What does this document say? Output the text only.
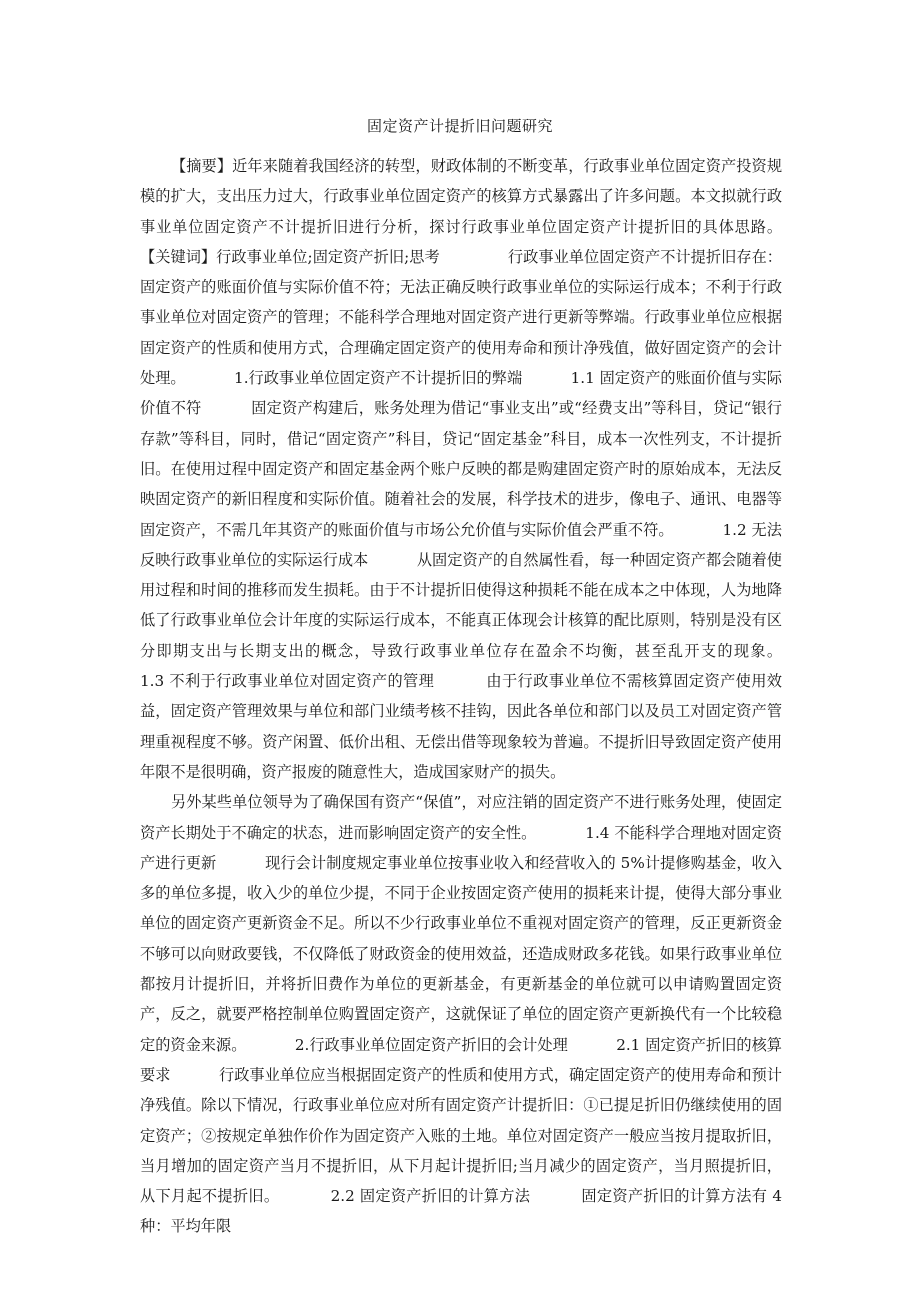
固定资产计提折旧问题研究

【摘要】近年来随着我国经济的转型，财政体制的不断变革，行政事业单位固定资产投资规模的扩大，支出压力过大，行政事业单位固定资产的核算方式暴露出了许多问题。本文拟就行政事业单位固定资产不计提折旧进行分析，探讨行政事业单位固定资产计提折旧的具体思路。        【关键词】行政事业单位;固定资产折旧;思考              行政事业单位固定资产不计提折旧存在：固定资产的账面价值与实际价值不符；无法正确反映行政事业单位的实际运行成本；不利于行政事业单位对固定资产的管理；不能科学合理地对固定资产进行更新等弊端。行政事业单位应根据固定资产的性质和使用方式，合理确定固定资产的使用寿命和预计净残值，做好固定资产的会计处理。          1.行政事业单位固定资产不计提折旧的弊端          1.1 固定资产的账面价值与实际价值不符          固定资产构建后，账务处理为借记“事业支出”或“经费支出”等科目，贷记“银行存款”等科目，同时，借记“固定资产”科目，贷记“固定基金”科目，成本一次性列支，不计提折旧。在使用过程中固定资产和固定基金两个账户反映的都是购建固定资产时的原始成本，无法反映固定资产的新旧程度和实际价值。随着社会的发展，科学技术的进步，像电子、通讯、电器等固定资产，不需几年其资产的账面价值与市场公允价值与实际价值会严重不符。          1.2 无法反映行政事业单位的实际运行成本          从固定资产的自然属性看，每一种固定资产都会随着使用过程和时间的推移而发生损耗。由于不计提折旧使得这种损耗不能在成本之中体现，人为地降低了行政事业单位会计年度的实际运行成本，不能真正体现会计核算的配比原则，特别是没有区分即期支出与长期支出的概念，导致行政事业单位存在盈余不均衡，甚至乱开支的现象。          1.3 不利于行政事业单位对固定资产的管理          由于行政事业单位不需核算固定资产使用效益，固定资产管理效果与单位和部门业绩考核不挂钩，因此各单位和部门以及员工对固定资产管理重视程度不够。资产闲置、低价出租、无偿出借等现象较为普遍。不提折旧导致固定资产使用年限不是很明确，资产报废的随意性大，造成国家财产的损失。

另外某些单位领导为了确保国有资产“保值”，对应注销的固定资产不进行账务处理，使固定资产长期处于不确定的状态，进而影响固定资产的安全性。          1.4 不能科学合理地对固定资产进行更新          现行会计制度规定事业单位按事业收入和经营收入的 5%计提修购基金，收入多的单位多提，收入少的单位少提，不同于企业按固定资产使用的损耗来计提，使得大部分事业单位的固定资产更新资金不足。所以不少行政事业单位不重视对固定资产的管理，反正更新资金不够可以向财政要钱，不仅降低了财政资金的使用效益，还造成财政多花钱。如果行政事业单位都按月计提折旧，并将折旧费作为单位的更新基金，有更新基金的单位就可以申请购置固定资产，反之，就要严格控制单位购置固定资产，这就保证了单位的固定资产更新换代有一个比较稳定的资金来源。          2.行政事业单位固定资产折旧的会计处理          2.1 固定资产折旧的核算要求          行政事业单位应当根据固定资产的性质和使用方式，确定固定资产的使用寿命和预计净残值。除以下情况，行政事业单位应对所有固定资产计提折旧：①已提足折旧仍继续使用的固定资产；②按规定单独作价作为固定资产入账的土地。单位对固定资产一般应当按月提取折旧，当月增加的固定资产当月不提折旧，从下月起计提折旧;当月减少的固定资产，当月照提折旧，从下月起不提折旧。          2.2 固定资产折旧的计算方法          固定资产折旧的计算方法有 4 种：平均年限
